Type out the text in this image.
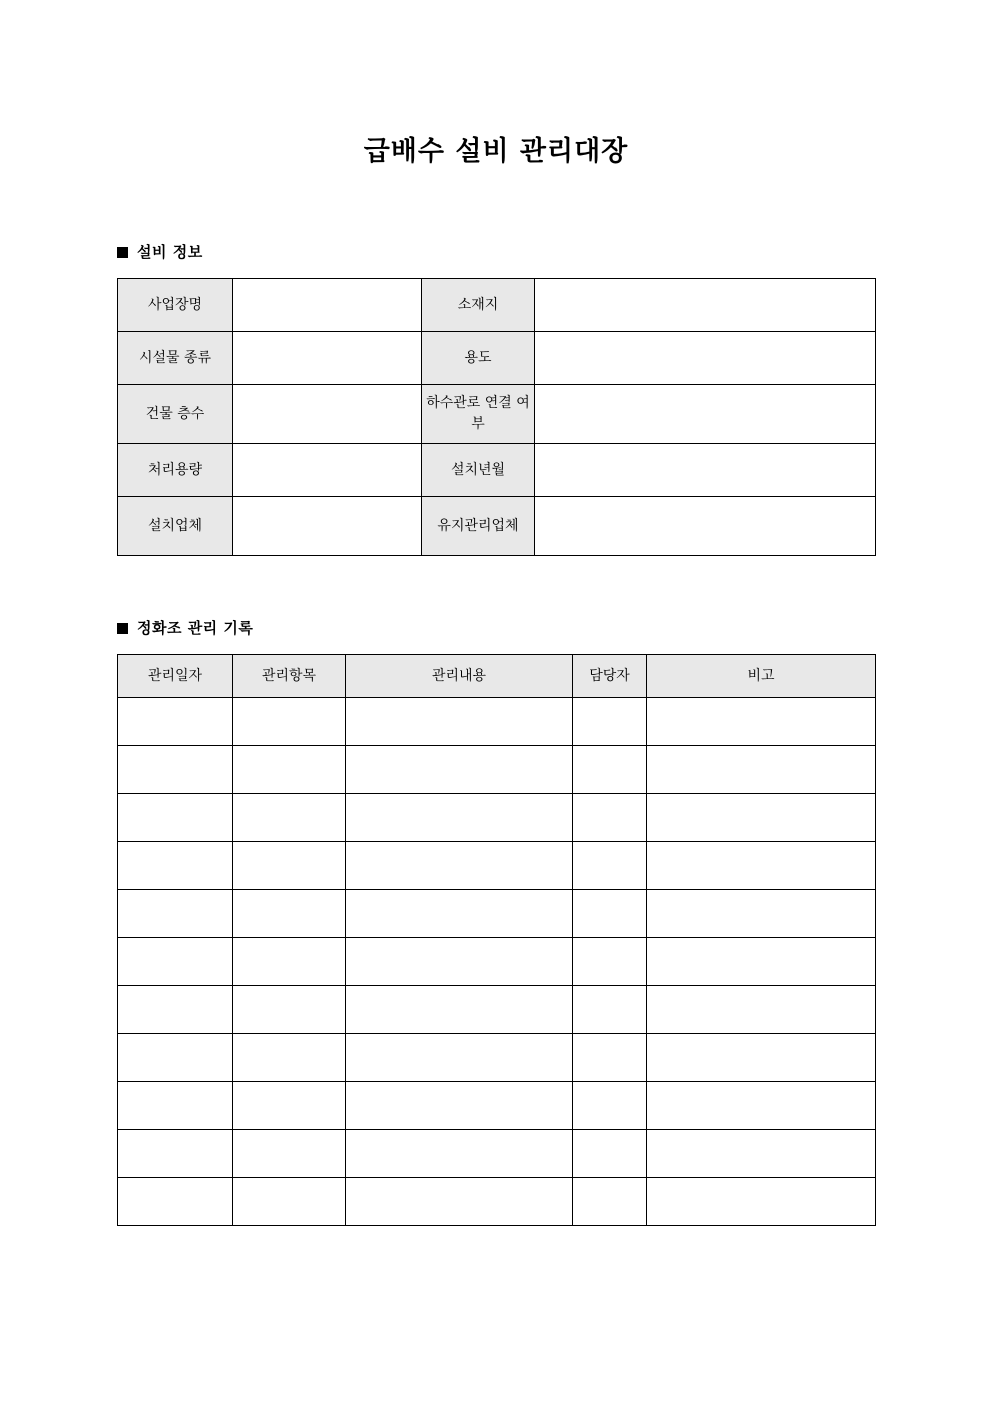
급배수 설비 관리대장
설비 정보
사업장명		소재지	
시설물 종류		용도	
건물 층수		하수관로 연결 여부	
처리용량		설치년월	
설치업체		유지관리업체	
정화조 관리 기록
관리일자	관리항목	관리내용	담당자	비고
